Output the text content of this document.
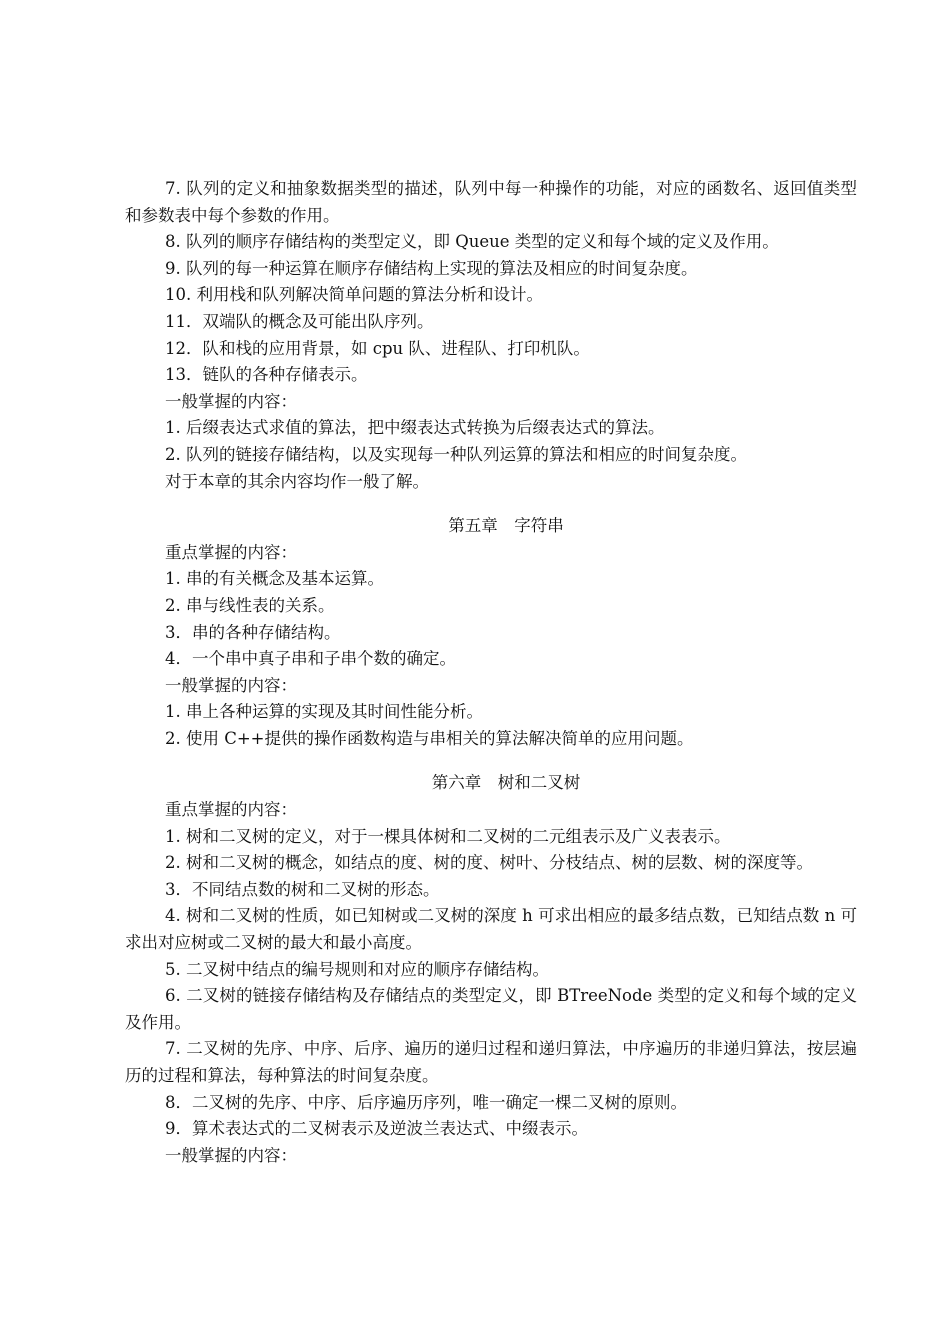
7. 队列的定义和抽象数据类型的描述，队列中每一种操作的功能，对应的函数名、返回值类型和参数表中每个参数的作用。

8. 队列的顺序存储结构的类型定义，即 Queue 类型的定义和每个域的定义及作用。

9. 队列的每一种运算在顺序存储结构上实现的算法及相应的时间复杂度。

10. 利用栈和队列解决简单问题的算法分析和设计。

11．双端队的概念及可能出队序列。

12．队和栈的应用背景，如 cpu 队、进程队、打印机队。

13．链队的各种存储表示。

一般掌握的内容：

1. 后缀表达式求值的算法，把中缀表达式转换为后缀表达式的算法。

2. 队列的链接存储结构，以及实现每一种队列运算的算法和相应的时间复杂度。

对于本章的其余内容均作一般了解。

第五章　字符串

重点掌握的内容：

1. 串的有关概念及基本运算。

2. 串与线性表的关系。

3．串的各种存储结构。

4．一个串中真子串和子串个数的确定。

一般掌握的内容：

1. 串上各种运算的实现及其时间性能分析。

2. 使用 C++提供的操作函数构造与串相关的算法解决简单的应用问题。

第六章　树和二叉树

重点掌握的内容：

1. 树和二叉树的定义，对于一棵具体树和二叉树的二元组表示及广义表表示。

2. 树和二叉树的概念，如结点的度、树的度、树叶、分枝结点、树的层数、树的深度等。

3．不同结点数的树和二叉树的形态。

4. 树和二叉树的性质，如已知树或二叉树的深度 h 可求出相应的最多结点数，已知结点数 n 可求出对应树或二叉树的最大和最小高度。

5. 二叉树中结点的编号规则和对应的顺序存储结构。

6. 二叉树的链接存储结构及存储结点的类型定义，即 BTreeNode 类型的定义和每个域的定义及作用。

7. 二叉树的先序、中序、后序、遍历的递归过程和递归算法，中序遍历的非递归算法，按层遍历的过程和算法，每种算法的时间复杂度。

8．二叉树的先序、中序、后序遍历序列，唯一确定一棵二叉树的原则。

9．算术表达式的二叉树表示及逆波兰表达式、中缀表示。

一般掌握的内容：
